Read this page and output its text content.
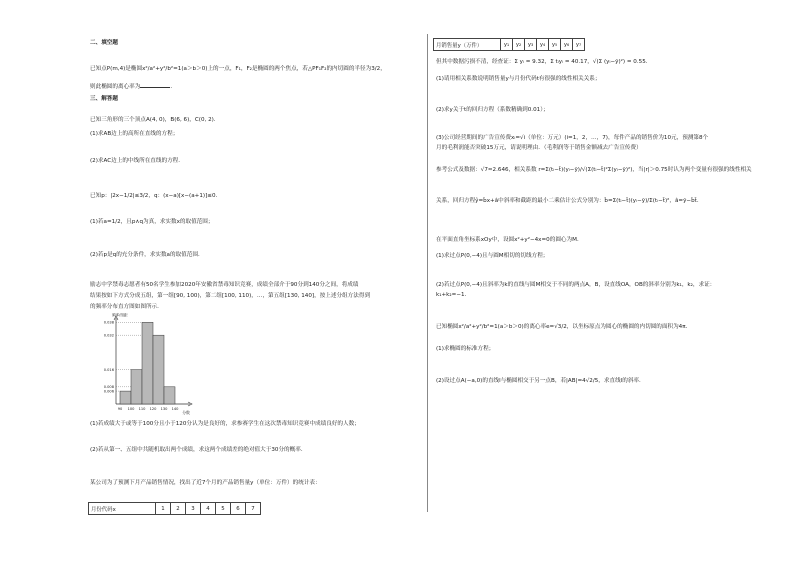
二、填空题
已知点P(m,4)是椭圆x²/a²+y²/b²=1(a＞b＞0)上的一点，F₁，F₂是椭圆的两个焦点，若△PF₁F₂的内切圆的半径为3/2，
则此椭圆的离心率为	．
三、解答题
已知三角形的三个顶点A(4, 0)，B(6, 6)，C(0, 2)．
(1)求AB边上的高所在直线的方程；
(2)求AC边上的中线所在直线的方程．
已知p：|2x−1/2|≤3/2，q：(x−a)[x−(a+1)]≤0．
(1)若a=1/2，且p∧q为真，求实数x的取值范围；
(2)若p是q的充分条件，求实数a的取值范围．
励志中学禁毒志愿者有50名学生参加2020年安徽省禁毒知识竞赛，成绩全部介于90分到140分之间，将成绩
结果按如下方式分成五组，第一组[90, 100)，第二组[100, 110)，…，第五组[130, 140]，按上述分组方法得到
的频率分布直方图如图所示．
频率/组距
0.006
0.008
0.016
0.032
0.038
90 100 110 120 130 140
分数
(1)若成绩大于或等于100分且小于120分认为是良好的，求参赛学生在这次禁毒知识竞赛中成绩良好的人数；
(2)若从第一、五组中共随机取出两个成绩，求这两个成绩差的绝对值大于30分的概率．
某公司为了预测下月产品销售情况，找出了近7个月的产品销售量y（单位：万件）的统计表：
月份代码x	1	2	3	4	5	6	7
月销售量y（万件）	y₁	y₂	y₃	y₄	y₅	y₆	y₇
但其中数据污损不清，经查证：Σ yᵢ = 9.32，Σ tᵢyᵢ = 40.17，√(Σ (yᵢ−ȳ)²) = 0.55．
(1)请用相关系数说明销售量y与月份代码t有很强的线性相关关系；
(2)求y关于t的回归方程（系数精确到0.01）；
(3)公司经营期间的广告宣传费xᵢ=√i（单位：万元）(i=1，2，…，7)，每件产品的销售价为10元，预测第8个
月的毛利润能否突破15万元，请说明理由．（毛利润等于销售金额减去广告宣传费）
参考公式及数据：√7≈2.646，相关系数 r=Σ(tᵢ−t̄)(yᵢ−ȳ)/√(Σ(tᵢ−t̄)²Σ(yᵢ−ȳ)²)，当|r|＞0.75时认为两个变量有很强的线性相关
关系，回归方程ŷ=b̂x+â中斜率和截距的最小二乘估计公式分别为：b̂=Σ(tᵢ−t̄)(yᵢ−ȳ)/Σ(tᵢ−t̄)²，â=ȳ−b̂t̄．
在平面直角坐标系xOy中，设圆x²+y²−4x=0的圆心为M．
(1)求过点P(0,−4)且与圆M相切的切线方程；
(2)若过点P(0,−4)且斜率为k的直线与圆M相交于不同的两点A，B，设直线OA，OB的斜率分别为k₁，k₂，求证：
k₁+k₂=−1．
已知椭圆x²/a²+y²/b²=1(a＞b＞0)的离心率e=√3/2，以坐标原点为圆心的椭圆的内切圆的面积为4π．
(1)求椭圆的标准方程；
(2)设过点A(−a,0)的直线l与椭圆相交于另一点B，若|AB|=4√2/5，求直线l的斜率．
